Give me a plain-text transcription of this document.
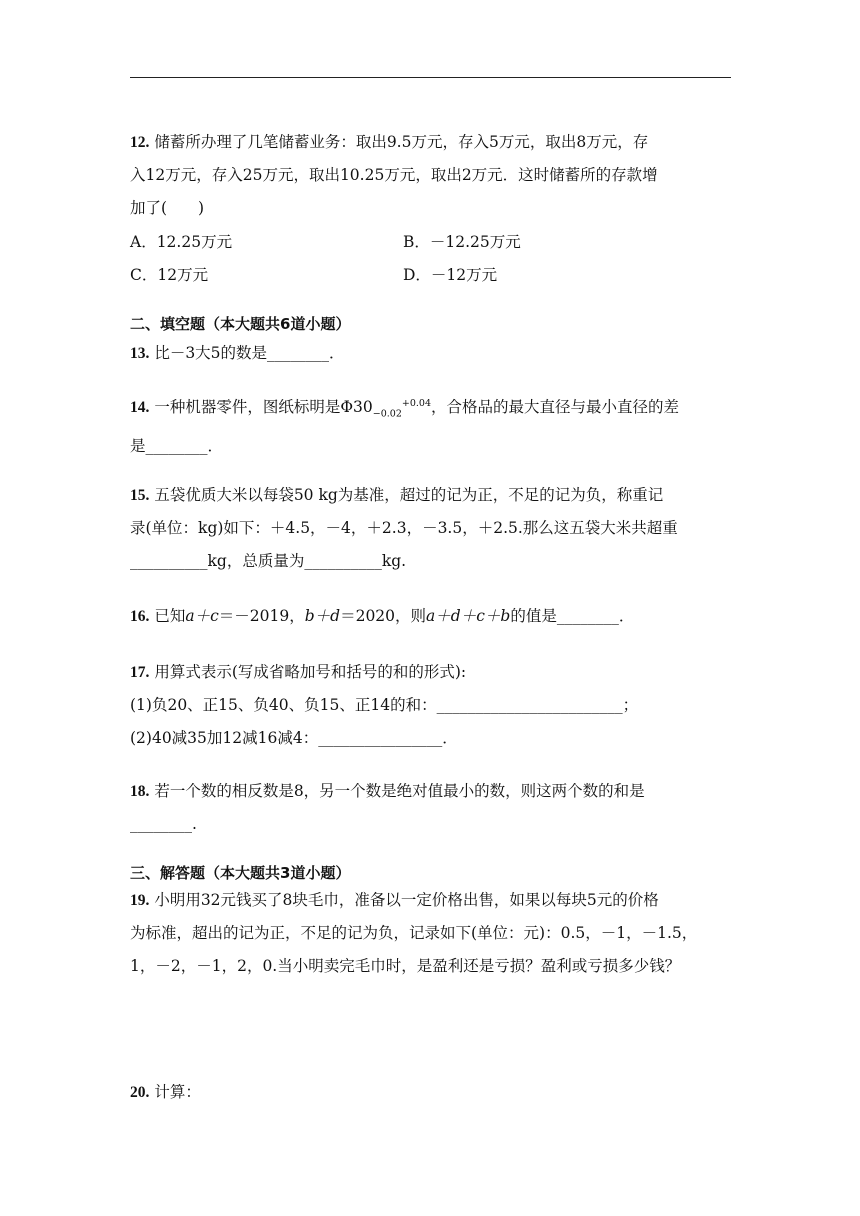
12. 储蓄所办理了几笔储蓄业务：取出9.5万元，存入5万元，取出8万元，存
入12万元，存入25万元，取出10.25万元，取出2万元．这时储蓄所的存款增
加了(　　)
A．12.25万元	B．－12.25万元
C．12万元	D．－12万元
二、填空题（本大题共6道小题）
13. 比－3大5的数是________．
14. 一种机器零件，图纸标明是$\Phi 30_{-0.02}^{+0.04}$，合格品的最大直径与最小直径的差
是________．
15. 五袋优质大米以每袋50 kg为基准，超过的记为正，不足的记为负，称重记
录(单位：kg)如下：＋4.5，－4，＋2.3，－3.5，＋2.5.那么这五袋大米共超重
__________kg，总质量为__________kg.
16. 已知a＋c＝－2019，b＋d＝2020，则a＋d＋c＋b的值是________．
17. 用算式表示(写成省略加号和括号的和的形式):
(1)负20、正15、负40、负15、正14的和：________________________；
(2)40减35加12减16减4：________________．
18. 若一个数的相反数是8，另一个数是绝对值最小的数，则这两个数的和是
________.
三、解答题（本大题共3道小题）
19. 小明用32元钱买了8块毛巾，准备以一定价格出售，如果以每块5元的价格
为标准，超出的记为正，不足的记为负，记录如下(单位：元)：0.5，－1，－1.5，
1，－2，－1，2，0.当小明卖完毛巾时，是盈利还是亏损？盈利或亏损多少钱？
20. 计算：
